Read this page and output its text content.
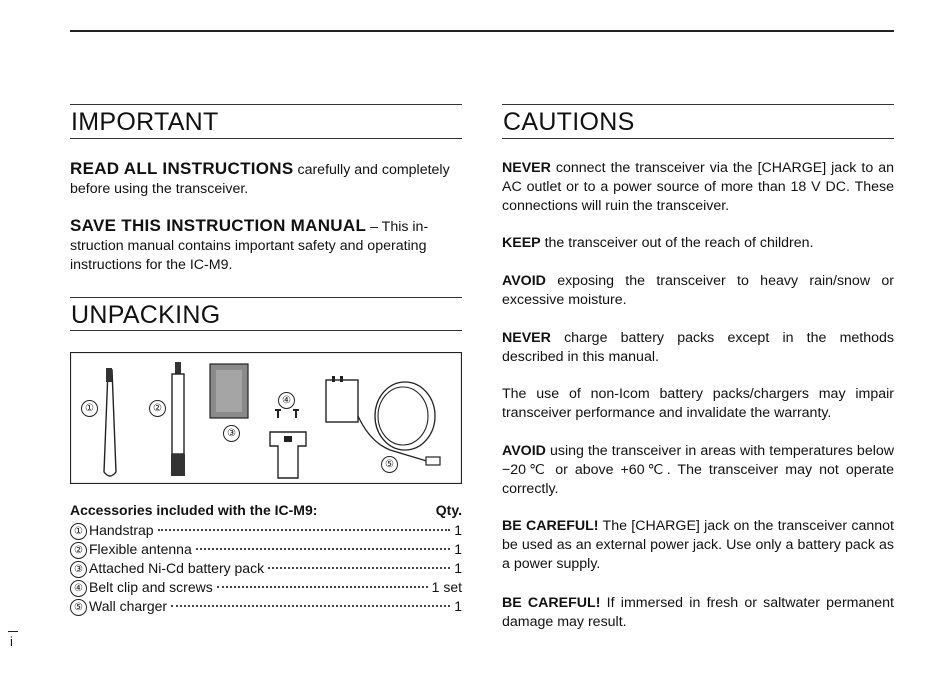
IMPORTANT
READ ALL INSTRUCTIONS carefully and completely
before using the transceiver.
SAVE THIS INSTRUCTION MANUAL – This in-
struction manual contains important safety and operating
instructions for the IC-M9.
UNPACKING
①	②
③
④
⑤
Accessories included with the IC-M9:	Qty.
① Handstrap	1
② Flexible antenna	1
③ Attached Ni-Cd battery pack	1
④ Belt clip and screws	1 set
⑤ Wall charger	1
CAUTIONS
NEVER connect the transceiver via the [CHARGE] jack to an AC outlet or to a power source of more than 18 V DC. These connections will ruin the transceiver.
KEEP the transceiver out of the reach of children.
AVOID exposing the transceiver to heavy rain/snow or excessive moisture.
NEVER charge battery packs except in the methods described in this manual.
The use of non-Icom battery packs/chargers may impair transceiver performance and invalidate the warranty.
AVOID using the transceiver in areas with temperatures below −20℃ or above +60℃. The transceiver may not operate correctly.
BE CAREFUL! The [CHARGE] jack on the transceiver cannot be used as an external power jack. Use only a battery pack as a power supply.
BE CAREFUL! If immersed in fresh or saltwater permanent damage may result.
i
